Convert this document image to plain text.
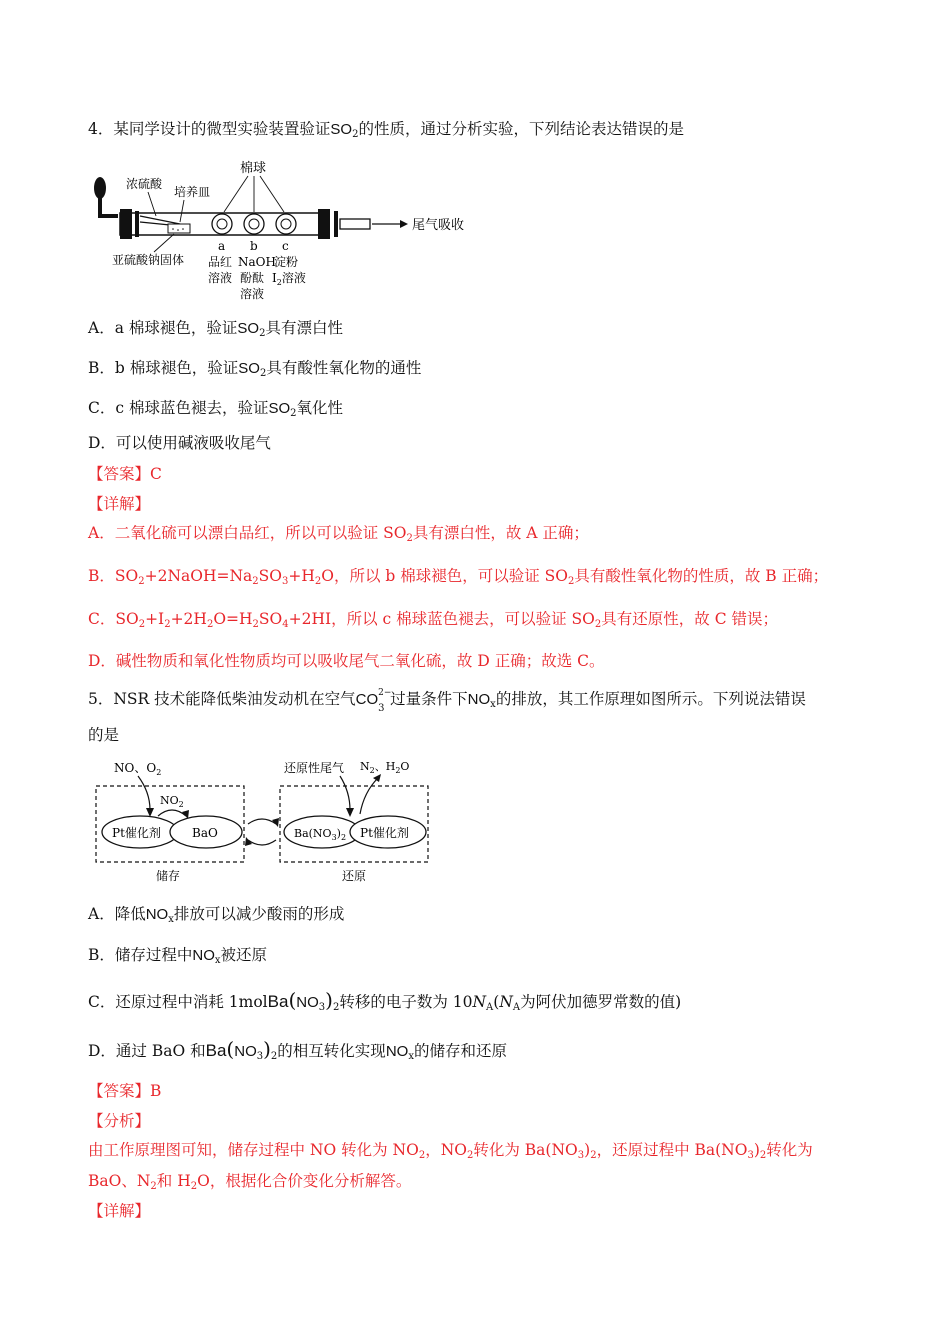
4．某同学设计的微型实验装置验证$SO_2$的性质，通过分析实验，下列结论表达错误的是
尾气吸收
棉球
浓硫酸
培养皿
亚硫酸钠固体
a b c
品红
溶液
NaOH
酚酞
溶液
淀粉
$I_2$溶液
A．a 棉球褪色，验证$SO_2$具有漂白性
B．b 棉球褪色，验证$SO_2$具有酸性氧化物的通性
C．c 棉球蓝色褪去，验证$SO_2$氧化性
D．可以使用碱液吸收尾气
【答案】C
【详解】
A．二氧化硫可以漂白品红，所以可以验证 $SO_2$具有漂白性，故 A 正确；
B．$SO_2+2NaOH=Na_2SO_3+H_2O$，所以 b 棉球褪色，可以验证 $SO_2$具有酸性氧化物的性质，故 B 正确；
C．$SO_2+I_2+2H_2O=H_2SO_4+2HI$，所以 c 棉球蓝色褪去，可以验证 $SO_2$具有还原性，故 C 错误；
D．碱性物质和氧化性物质均可以吸收尾气二氧化硫，故 D 正确；故选 C。
5．NSR 技术能降低柴油发动机在空气CO 2−
3
过量条件下$NO_x$的排放，其工作原理如图所示。下列说法错误
的是
NO、$O_2$
$NO_2$
Pt催化剂	BaO
储存
还原性尾气 $N_2$、$H_2O$
$Ba(NO_3)_2$ Pt催化剂
还原
A．降低$NO_x$排放可以减少酸雨的形成
B．储存过程中$NO_x$被还原
C．还原过程中消耗 $1molBa(NO_3)_2$转移的电子数为 $10N_A(N_A$为阿伏加德罗常数的值)
D．通过 BaO 和$Ba(NO_3)_2$的相互转化实现$NO_x$的储存和还原
【答案】B
【分析】
由工作原理图可知，储存过程中 NO 转化为 $NO_2$，$NO_2$转化为 $Ba(NO_3)_2$，还原过程中 $Ba(NO_3)_2$转化为
BaO、$N_2$和 $H_2O$，根据化合价变化分析解答。
【详解】
